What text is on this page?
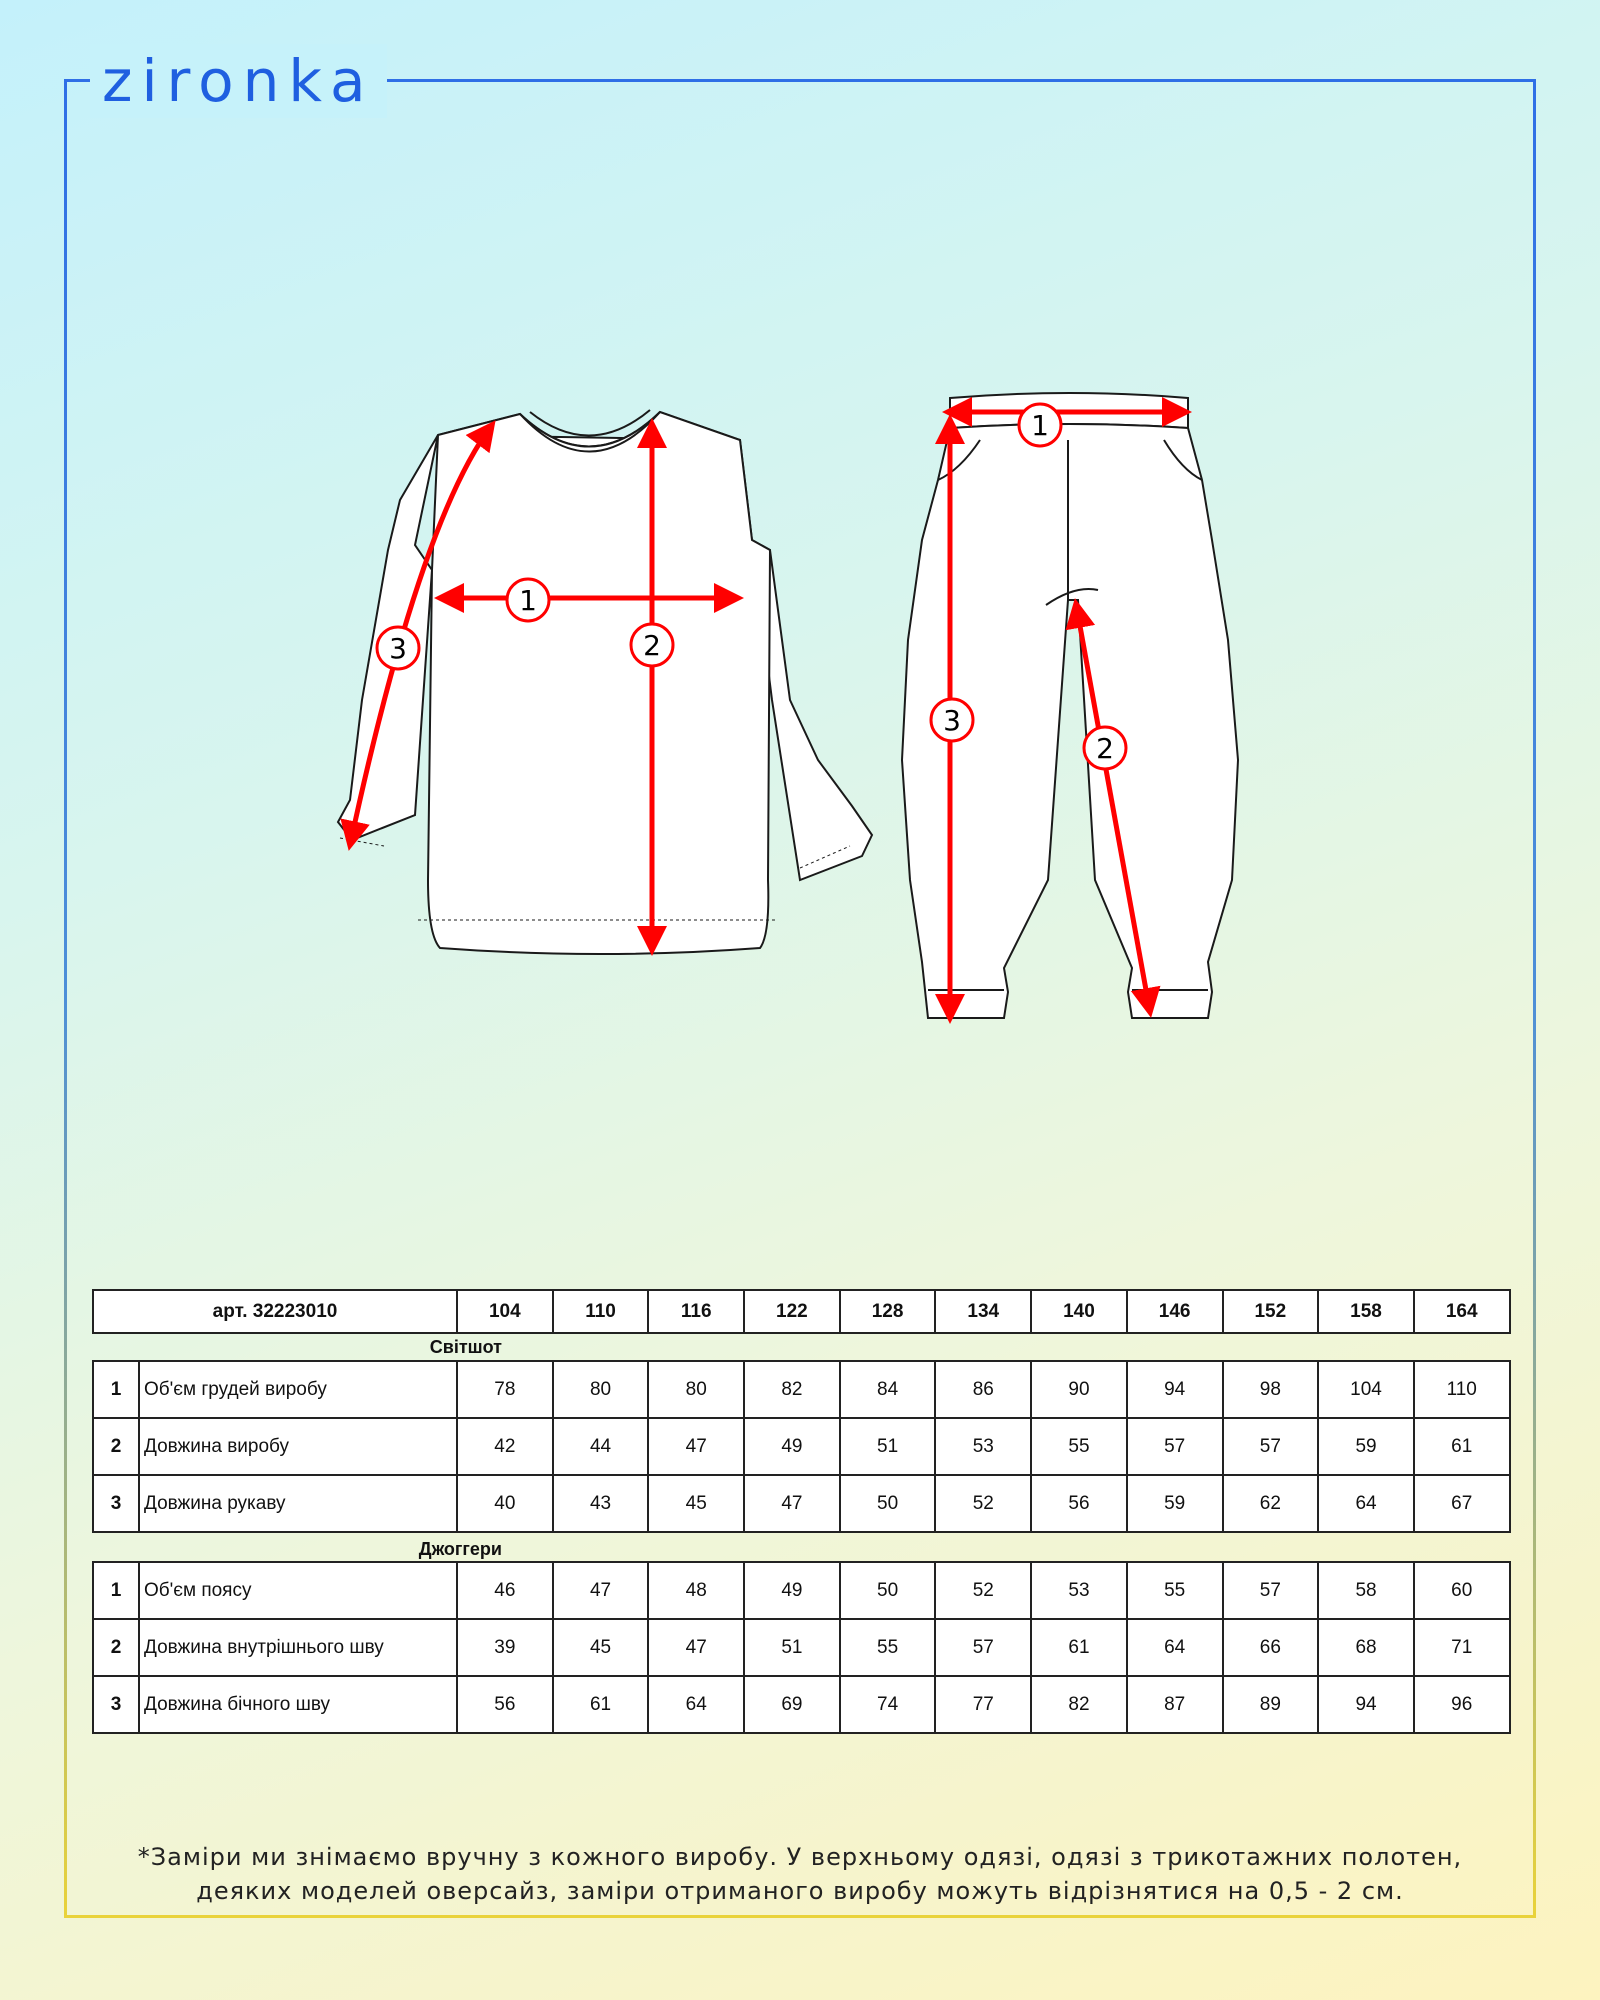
zironka
1
2
3
1
2
3
арт. 32223010	104	110	116	122	128	134	140	146	152	158	164
Світшот
1	Об'єм грудей виробу	78	80	80	82	84	86	90	94	98	104	110
2	Довжина виробу	42	44	47	49	51	53	55	57	57	59	61
3	Довжина рукаву	40	43	45	47	50	52	56	59	62	64	67
Джоггери
1	Об'єм поясу	46	47	48	49	50	52	53	55	57	58	60
2	Довжина внутрішнього шву	39	45	47	51	55	57	61	64	66	68	71
3	Довжина бічного шву	56	61	64	69	74	77	82	87	89	94	96
*Заміри ми знімаємо вручну з кожного виробу. У верхньому одязі, одязі з трикотажних полотен,
деяких моделей оверсайз, заміри отриманого виробу можуть відрізнятися на 0,5 - 2 см.
